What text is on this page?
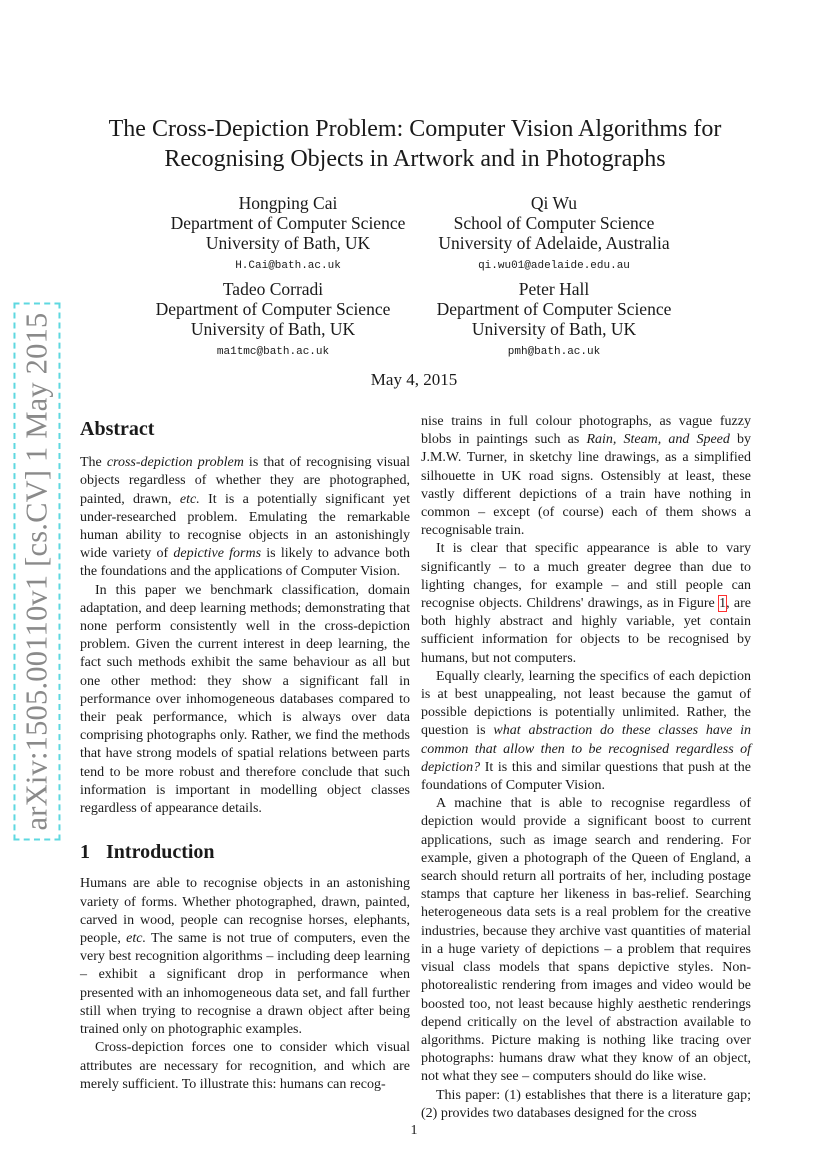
arXiv:1505.00110v1 [cs.CV] 1 May 2015
The Cross-Depiction Problem: Computer Vision Algorithms for
Recognising Objects in Artwork and in Photographs
Hongping Cai
Department of Computer Science
University of Bath, UK
H.Cai@bath.ac.uk
Qi Wu
School of Computer Science
University of Adelaide, Australia
qi.wu01@adelaide.edu.au
Tadeo Corradi
Department of Computer Science
University of Bath, UK
ma1tmc@bath.ac.uk
Peter Hall
Department of Computer Science
University of Bath, UK
pmh@bath.ac.uk
May 4, 2015
Abstract

The cross-depiction problem is that of recognising visual objects regardless of whether they are photographed, painted, drawn, etc. It is a potentially significant yet under-researched problem. Emulating the remarkable human ability to recognise objects in an astonishingly wide variety of depictive forms is likely to advance both the foundations and the applications of Computer Vision.

In this paper we benchmark classification, domain adaptation, and deep learning methods; demonstrating that none perform consistently well in the cross-depiction problem. Given the current interest in deep learning, the fact such methods exhibit the same behaviour as all but one other method: they show a significant fall in performance over inhomogeneous databases compared to their peak performance, which is always over data comprising photographs only. Rather, we find the methods that have strong models of spatial relations between parts tend to be more robust and therefore conclude that such information is important in modelling object classes regardless of appearance details.

1 Introduction

Humans are able to recognise objects in an astonishing variety of forms. Whether photographed, drawn, painted, carved in wood, people can recognise horses, elephants, people, etc. The same is not true of computers, even the very best recognition algorithms – including deep learning – exhibit a significant drop in performance when presented with an inhomogeneous data set, and fall further still when trying to recognise a drawn object after being trained only on photographic examples.

Cross-depiction forces one to consider which visual attributes are necessary for recognition, and which are merely sufficient. To illustrate this: humans can recog-

nise trains in full colour photographs, as vague fuzzy blobs in paintings such as Rain, Steam, and Speed by J.M.W. Turner, in sketchy line drawings, as a simplified silhouette in UK road signs. Ostensibly at least, these vastly different depictions of a train have nothing in common – except (of course) each of them shows a recognisable train.

It is clear that specific appearance is able to vary significantly – to a much greater degree than due to lighting changes, for example – and still people can recognise objects. Childrens' drawings, as in Figure 1, are both highly abstract and highly variable, yet contain sufficient information for objects to be recognised by humans, but not computers.

Equally clearly, learning the specifics of each depiction is at best unappealing, not least because the gamut of possible depictions is potentially unlimited. Rather, the question is what abstraction do these classes have in common that allow then to be recognised regardless of depiction? It is this and similar questions that push at the foundations of Computer Vision.

A machine that is able to recognise regardless of depiction would provide a significant boost to current applications, such as image search and rendering. For example, given a photograph of the Queen of England, a search should return all portraits of her, including postage stamps that capture her likeness in bas-relief. Searching heterogeneous data sets is a real problem for the creative industries, because they archive vast quantities of material in a huge variety of depictions – a problem that requires visual class models that spans depictive styles. Non-photorealistic rendering from images and video would be boosted too, not least because highly aesthetic renderings depend critically on the level of abstraction available to algorithms. Picture making is nothing like tracing over photographs: humans draw what they know of an object, not what they see – computers should do like wise.

This paper: (1) establishes that there is a literature gap; (2) provides two databases designed for the cross

1
